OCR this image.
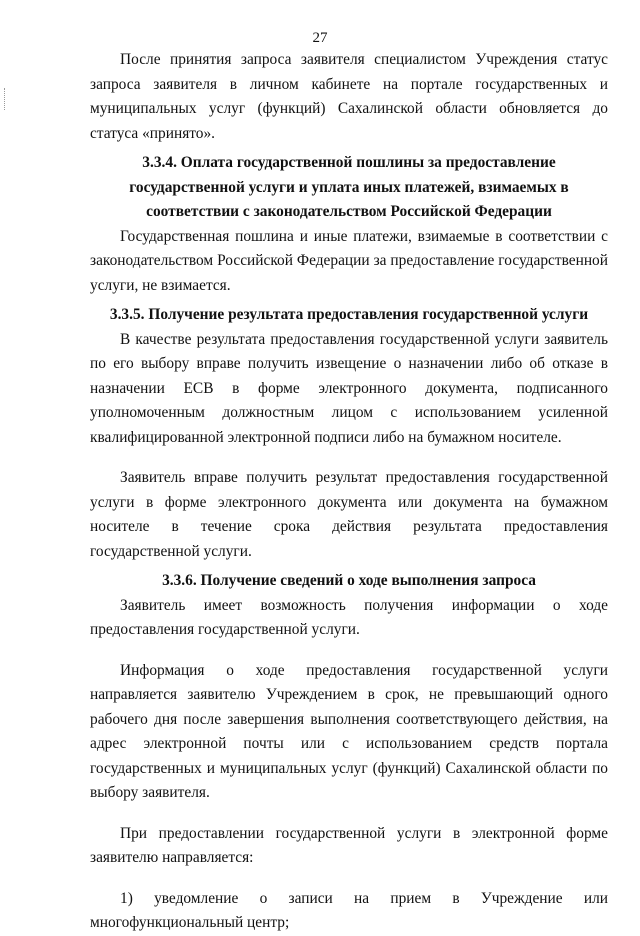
27

После принятия запроса заявителя специалистом Учреждения статус запроса заявителя в личном кабинете на портале государственных и муниципальных услуг (функций) Сахалинской области обновляется до статуса «принято».

3.3.4. Оплата государственной пошлины за предоставление государственной услуги и уплата иных платежей, взимаемых в соответствии с законодательством Российской Федерации

Государственная пошлина и иные платежи, взимаемые в соответствии с законодательством Российской Федерации за предоставление государственной услуги, не взимается.

3.3.5. Получение результата предоставления государственной услуги

В качестве результата предоставления государственной услуги заявитель по его выбору вправе получить извещение о назначении либо об отказе в назначении ЕСВ в форме электронного документа, подписанного уполномоченным должностным лицом с использованием усиленной квалифицированной электронной подписи либо на бумажном носителе.

Заявитель вправе получить результат предоставления государственной услуги в форме электронного документа или документа на бумажном носителе в течение срока действия результата предоставления государственной услуги.

3.3.6. Получение сведений о ходе выполнения запроса

Заявитель имеет возможность получения информации о ходе предоставления государственной услуги.

Информация о ходе предоставления государственной услуги направляется заявителю Учреждением в срок, не превышающий одного рабочего дня после завершения выполнения соответствующего действия, на адрес электронной почты или с использованием средств портала государственных и муниципальных услуг (функций) Сахалинской области по выбору заявителя.

При предоставлении государственной услуги в электронной форме заявителю направляется:

1) уведомление о записи на прием в Учреждение или многофункциональный центр;
